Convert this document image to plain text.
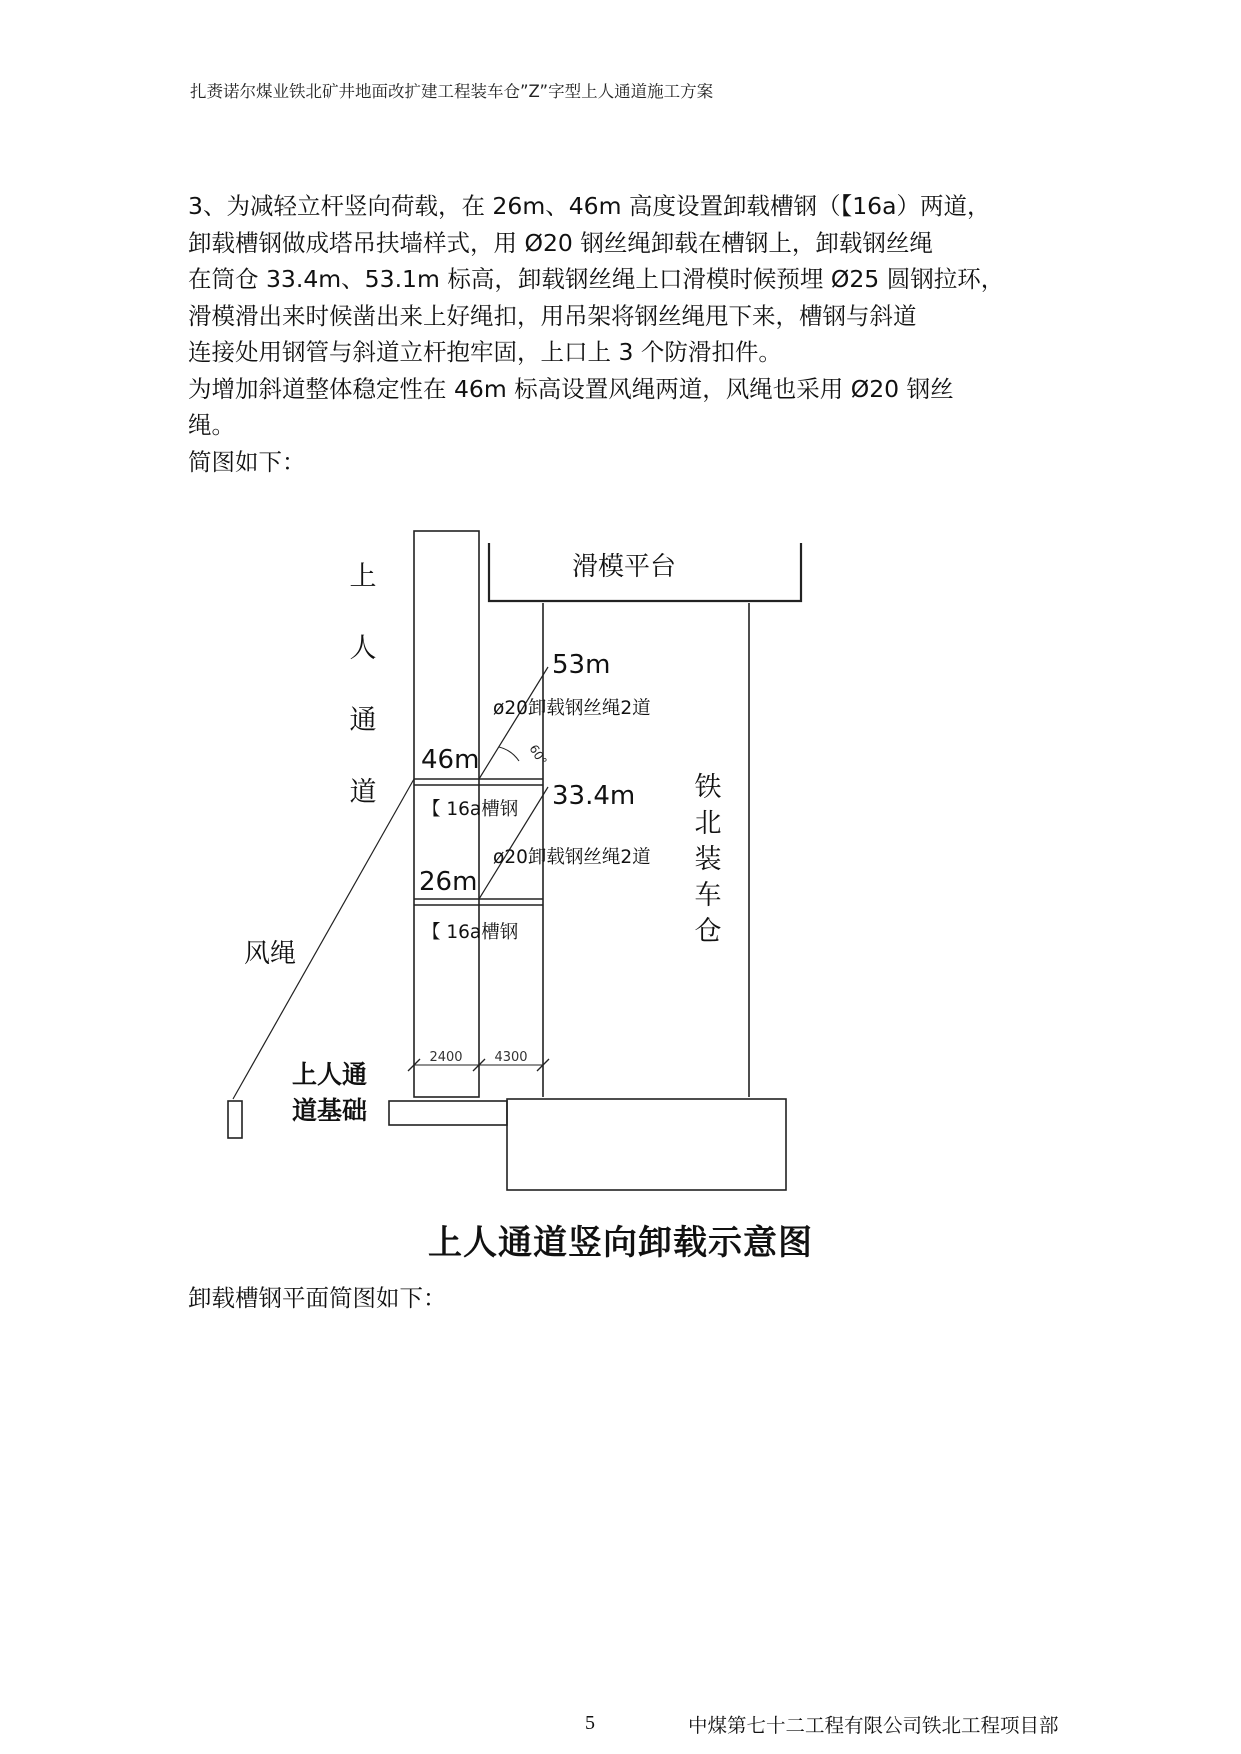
扎赉诺尔煤业铁北矿井地面改扩建工程装车仓”Z”字型上人通道施工方案

3、为减轻立杆竖向荷载，在 26m、46m 高度设置卸载槽钢（【16a）两道，

卸载槽钢做成塔吊扶墙样式，用 Ø20 钢丝绳卸载在槽钢上，卸载钢丝绳

在筒仓 33.4m、53.1m 标高，卸载钢丝绳上口滑模时候预埋 Ø25 圆钢拉环，

滑模滑出来时候凿出来上好绳扣，用吊架将钢丝绳甩下来，槽钢与斜道

连接处用钢管与斜道立杆抱牢固，上口上 3 个防滑扣件。

为增加斜道整体稳定性在 46m 标高设置风绳两道，风绳也采用 Ø20 钢丝

绳。

简图如下：

滑模平台
上
人
通
道	铁
北
装
车
仓
53m
46m
33.4m
26m
ø20卸载钢丝绳2道
ø20卸载钢丝绳2道
【 16a槽钢
【 16a槽钢
60°
风绳
上人通
道基础
2400 4300
上人通道竖向卸载示意图
卸载槽钢平面简图如下：
5	中煤第七十二工程有限公司铁北工程项目部
